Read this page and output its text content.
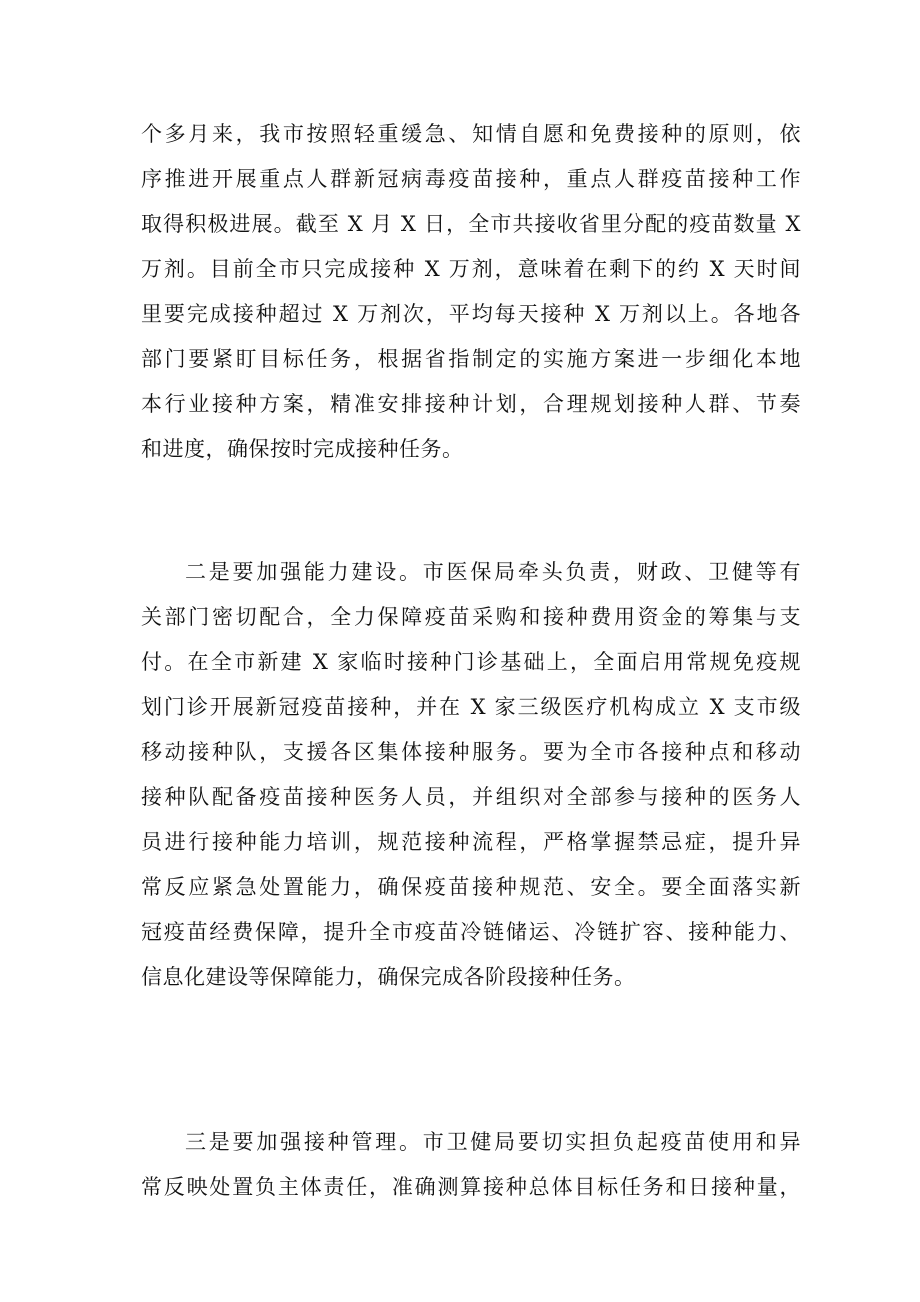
个多月来，我市按照轻重缓急、知情自愿和免费接种的原则，依
序推进开展重点人群新冠病毒疫苗接种，重点人群疫苗接种工作
取得积极进展。截至 X 月 X 日，全市共接收省里分配的疫苗数量 X
万剂。目前全市只完成接种 X 万剂，意味着在剩下的约 X 天时间
里要完成接种超过 X 万剂次，平均每天接种 X 万剂以上。各地各
部门要紧盯目标任务，根据省指制定的实施方案进一步细化本地
本行业接种方案，精准安排接种计划，合理规划接种人群、节奏
和进度，确保按时完成接种任务。
二是要加强能力建设。市医保局牵头负责，财政、卫健等有
关部门密切配合，全力保障疫苗采购和接种费用资金的筹集与支
付。在全市新建 X 家临时接种门诊基础上，全面启用常规免疫规
划门诊开展新冠疫苗接种，并在 X 家三级医疗机构成立 X 支市级
移动接种队，支援各区集体接种服务。要为全市各接种点和移动
接种队配备疫苗接种医务人员，并组织对全部参与接种的医务人
员进行接种能力培训，规范接种流程，严格掌握禁忌症，提升异
常反应紧急处置能力，确保疫苗接种规范、安全。要全面落实新
冠疫苗经费保障，提升全市疫苗冷链储运、冷链扩容、接种能力、
信息化建设等保障能力，确保完成各阶段接种任务。
三是要加强接种管理。市卫健局要切实担负起疫苗使用和异
常反映处置负主体责任，准确测算接种总体目标任务和日接种量，
